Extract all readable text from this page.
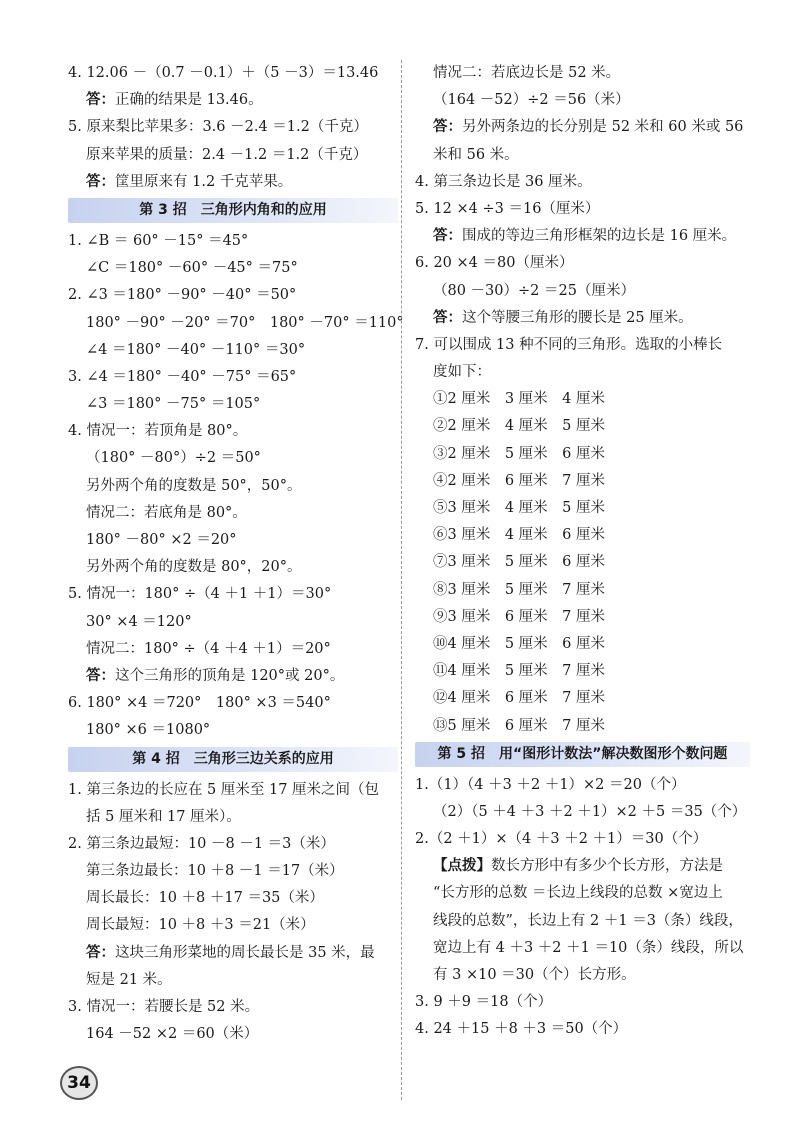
4. 12.06 －（0.7 －0.1）＋（5 －3）＝13.46
答：正确的结果是 13.46。
5. 原来梨比苹果多：3.6 －2.4 ＝1.2（千克）
原来苹果的质量：2.4 －1.2 ＝1.2（千克）
答：筐里原来有 1.2 千克苹果。
第 3 招　三角形内角和的应用
1. ∠B ＝ 60° －15° ＝45°
∠C ＝180° －60° －45° ＝75°
2. ∠3 ＝180° －90° －40° ＝50°
180° －90° －20° ＝70°　180° －70° ＝110°
∠4 ＝180° －40° －110° ＝30°
3. ∠4 ＝180° －40° －75° ＝65°
∠3 ＝180° －75° ＝105°
4. 情况一：若顶角是 80°。
（180° －80°）÷2 ＝50°
另外两个角的度数是 50°，50°。
情况二：若底角是 80°。
180° －80° ×2 ＝20°
另外两个角的度数是 80°，20°。
5. 情况一：180° ÷（4 ＋1 ＋1）＝30°
30° ×4 ＝120°
情况二：180° ÷（4 ＋4 ＋1）＝20°
答：这个三角形的顶角是 120°或 20°。
6. 180° ×4 ＝720°　180° ×3 ＝540°
180° ×6 ＝1080°
第 4 招　三角形三边关系的应用
1. 第三条边的长应在 5 厘米至 17 厘米之间（包
括 5 厘米和 17 厘米）。
2. 第三条边最短：10 －8 －1 ＝3（米）
第三条边最长：10 ＋8 －1 ＝17（米）
周长最长：10 ＋8 ＋17 ＝35（米）
周长最短：10 ＋8 ＋3 ＝21（米）
答：这块三角形菜地的周长最长是 35 米，最
短是 21 米。
3. 情况一：若腰长是 52 米。
164 －52 ×2 ＝60（米）
情况二：若底边长是 52 米。
（164 －52）÷2 ＝56（米）
答：另外两条边的长分别是 52 米和 60 米或 56
米和 56 米。
4. 第三条边长是 36 厘米。
5. 12 ×4 ÷3 ＝16（厘米）
答：围成的等边三角形框架的边长是 16 厘米。
6. 20 ×4 ＝80（厘米）
（80 －30）÷2 ＝25（厘米）
答：这个等腰三角形的腰长是 25 厘米。
7. 可以围成 13 种不同的三角形。选取的小棒长
度如下：
①2 厘米　3 厘米　4 厘米
②2 厘米　4 厘米　5 厘米
③2 厘米　5 厘米　6 厘米
④2 厘米　6 厘米　7 厘米
⑤3 厘米　4 厘米　5 厘米
⑥3 厘米　4 厘米　6 厘米
⑦3 厘米　5 厘米　6 厘米
⑧3 厘米　5 厘米　7 厘米
⑨3 厘米　6 厘米　7 厘米
⑩4 厘米　5 厘米　6 厘米
⑪4 厘米　5 厘米　7 厘米
⑫4 厘米　6 厘米　7 厘米
⑬5 厘米　6 厘米　7 厘米
第 5 招　用“图形计数法”解决数图形个数问题
1.（1）（4 ＋3 ＋2 ＋1）×2 ＝20（个）
（2）（5 ＋4 ＋3 ＋2 ＋1）×2 ＋5 ＝35（个）
2.（2 ＋1）×（4 ＋3 ＋2 ＋1）＝30（个）
【点拨】数长方形中有多少个长方形，方法是
“长方形的总数 ＝长边上线段的总数 ×宽边上
线段的总数”，长边上有 2 ＋1 ＝3（条）线段，
宽边上有 4 ＋3 ＋2 ＋1 ＝10（条）线段，所以
有 3 ×10 ＝30（个）长方形。
3. 9 ＋9 ＝18（个）
4. 24 ＋15 ＋8 ＋3 ＝50（个）
34
